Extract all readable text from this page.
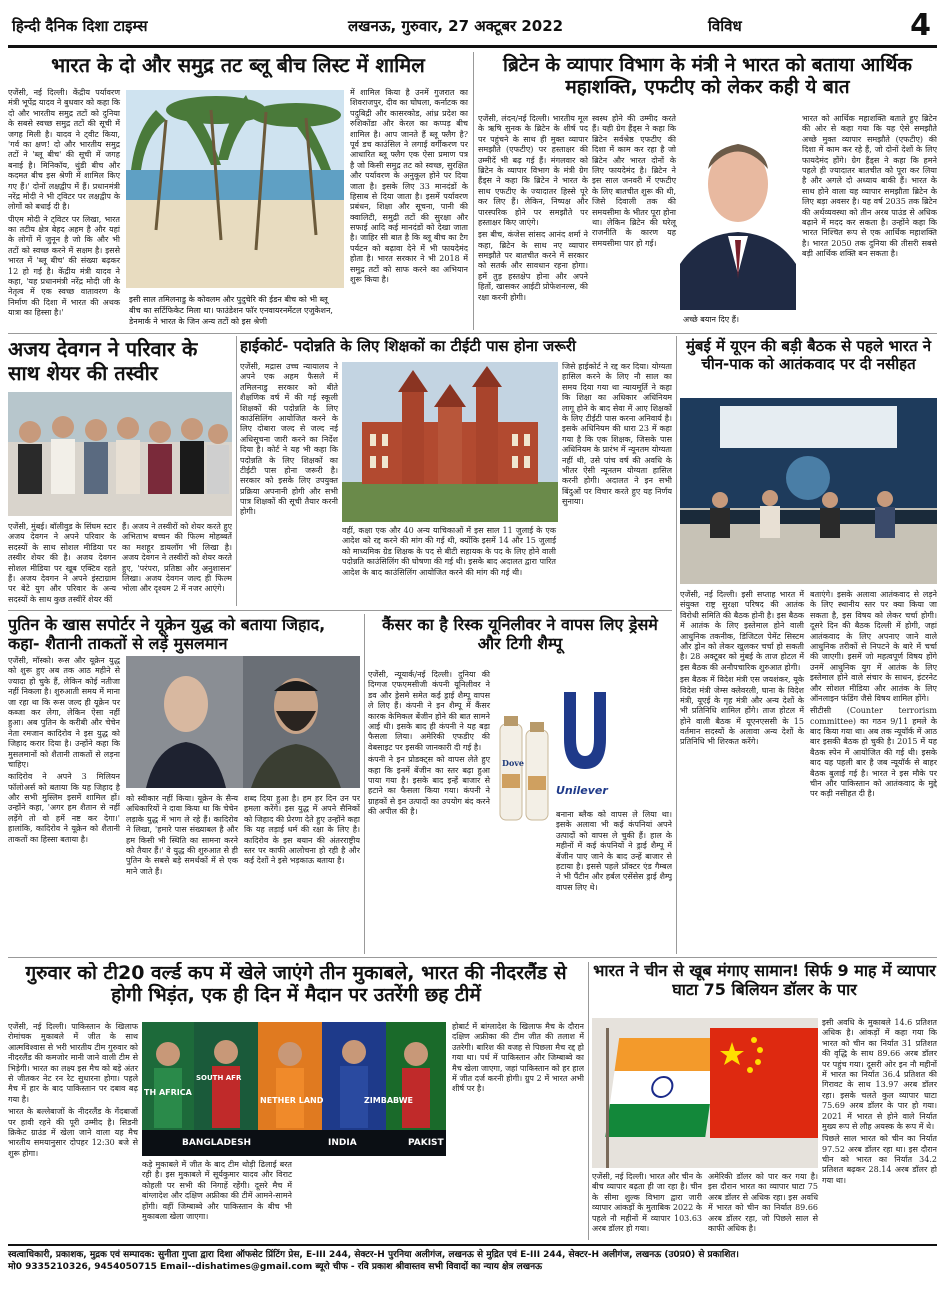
हिन्दी दैनिक दिशा टाइम्स	लखनऊ, गुरुवार, 27 अक्टूबर 2022	विविध	4
भारत के दो और समुद्र तट ब्लू बीच लिस्ट में शामिल

एजेंसी, नई दिल्ली। केंद्रीय पर्यावरण मंत्री भूपेंद्र यादव ने बुधवार को कहा कि दो और भारतीय समुद्र तटों को दुनिया के सबसे स्वच्छ समुद्र तटों की सूची में जगह मिली है। यादव ने ट्वीट किया, 'गर्व का क्षण! दो और भारतीय समुद्र तटों ने 'ब्लू बीच' की सूची में जगह बनाई है। मिनिकॉय, थुंडी बीच और कदमत बीच इस श्रेणी में शामिल किए गए हैं।' दोनों लक्षद्वीप में हैं। प्रधानमंत्री नरेंद्र मोदी ने भी ट्विटर पर लक्षद्वीप के लोगों को बधाई दी है।

पीएम मोदी ने ट्विटर पर लिखा, भारत का तटीय क्षेत्र बेहद अहम है और यहां के लोगों में जुनून है जो कि और भी तटों को स्वच्छ करने में सक्षम है। इससे भारत में 'ब्लू बीच' की संख्या बढ़कर 12 हो गई है। केंद्रीय मंत्री यादव ने कहा, 'यह प्रधानमंत्री नरेंद्र मोदी जी के नेतृत्व में एक स्वच्छ वातावरण के निर्माण की दिशा में भारत की अथक यात्रा का हिस्सा है।'

इसी साल तमिलनाडु के कोवलम और पुदुचेरि की ईडन बीच को भी ब्लू बीच का सर्टिफिकेट मिला था। फाउंडेशन फॉर एनवायरनमेंटल एजुकेशन, डेनमार्क ने भारत के जिन अन्य तटों को इस श्रेणी

में शामिल किया है उनमें गुजरात का शिवराजपुर, दीव का घोघला, कर्नाटक का पदुबिद्री और कासरकोड, आंध्र प्रदेश का रुशिकोंडा और केरल का कप्पड़ बीच शामिल है। आप जानते हैं ब्लू फ्लैग है? पूर्व डच काउंसिल ने लगाई वर्गीकरण पर आधारित ब्लू फ्लैग एक ऐसा प्रमाण पत्र है जो किसी समुद्र तट को स्वच्छ, सुरक्षित और पर्यावरण के अनुकूल होने पर दिया जाता है। इसके लिए 33 मानदंडों के हिसाब से दिया जाता है। इसमें पर्यावरण प्रबंधन, शिक्षा और सूचना, पानी की क्वालिटी, समुद्री तटों की सुरक्षा और सफाई आदि कई मानदंडों को देखा जाता है। जाहिर सी बात है कि ब्लू बीच का टैग पर्यटन को बढ़ावा देने में भी फायदेमंद होता है। भारत सरकार ने भी 2018 में समुद्र तटों को साफ करने का अभियान शुरू किया है।

ब्रिटेन के व्यापार विभाग के मंत्री ने भारत को बताया आर्थिक महाशक्ति, एफटीए को लेकर कही ये बात

एजेंसी, लंदन/नई दिल्ली। भारतीय मूल के ऋषि सुनक के ब्रिटेन के शीर्ष पद पर पहुंचने के साथ ही मुक्त व्यापार समझौते (एफटीए) पर हस्ताक्षर की उम्मीदें भी बढ़ गई हैं। मंगलवार को ब्रिटेन के व्यापार विभाग के मंत्री ग्रेग हैंड्स ने कहा कि ब्रिटेन ने भारत के साथ एफटीए के ज्यादातर हिस्से पूरे कर लिए हैं। लेकिन, निष्पक्ष और पारस्परिक होने पर समझौते पर हस्ताक्षर किए जाएंगे।

इस बीच, कंजेस सांसद आनंद शर्मा ने कहा, ब्रिटेन के साथ नए व्यापार समझौते पर बातचीत करने में सरकार को सतर्क और सावधान रहना होगा। हमें तुड़ हस्तक्षेप होना और अपने हितों, खासकर आईटी प्रोफेशनल्स, की रक्षा करनी होगी।

स्वस्थ होने की उम्मीद करते हैं। यही ग्रेग हैंड्स ने कहा कि ब्रिटेन सर्वश्रेष्ठ एफटीए की दिशा में काम कर रहा है जो ब्रिटेन और भारत दोनों के लिए फायदेमंद है। ब्रिटेन ने इस साल जनवरी में एफटीए के लिए बातचीत शुरू की थी, जिसे दिवाली तक की समयसीमा के भीतर पूरा होना था। लेकिन ब्रिटेन की घरेलू राजनीति के कारण यह समयसीमा पार हो गई।

अच्छे बयान दिए हैं।

भारत को आर्थिक महाशक्ति बताते हुए ब्रिटेन की ओर से कहा गया कि यह ऐसे समझौते अच्छे मुक्त व्यापार समझौते (एफटीए) की दिशा में काम कर रहे हैं, जो दोनों देशों के लिए फायदेमंद होंगे। ग्रेग हैंड्स ने कहा कि हमने पहले ही ज्यादातर बातचीत को पूरा कर लिया है और अगले दो अध्याय बाकी हैं। भारत के साथ होने वाला यह व्यापार समझौता ब्रिटेन के लिए बड़ा अवसर है। यह वर्ष 2035 तक ब्रिटेन की अर्थव्यवस्था को तीन अरब पाउंड से अधिक बढ़ाने में मदद कर सकता है। उन्होंने कहा कि भारत निश्चित रूप से एक आर्थिक महाशक्ति है। भारत 2050 तक दुनिया की तीसरी सबसे बड़ी आर्थिक शक्ति बन सकता है।

अजय देवगन ने परिवार के साथ शेयर की तस्वीर

एजेंसी, मुंबई। बॉलीवुड के सिंघम स्टार अजय देवगन ने अपने परिवार के सदस्यों के साथ सोशल मीडिया पर तस्वीर शेयर की है। अजय देवगन सोशल मीडिया पर खूब एक्टिव रहते हैं। अजय देवगन ने अपने इंस्टाग्राम पर बेटे युग और परिवार के अन्य सदस्यों के साथ कुछ तस्वीरें शेयर कीं

हैं। अजय ने तस्वीरों को शेयर करते हुए अभिताभ बच्चन की फिल्म मोहब्बतें का मशहूर डायलॉग भी लिखा है। अजय देवगन ने तस्वीरों को शेयर करते हुए, 'परंपरा, प्रतिष्ठा और अनुशासन' लिखा। अजय देवगन जल्द ही फिल्म भोला और दृश्यम 2 में नजर आएंगे।

हाईकोर्ट- पदोन्नति के लिए शिक्षकों का टीईटी पास होना जरूरी

एजेंसी, मद्रास उच्च न्यायालय ने अपने एक अहम फैसले में तमिलनाडु सरकार को बीते शैक्षणिक वर्ष में की गई स्कूली शिक्षकों की पदोन्नति के लिए काउंसिलिंग आयोजित करने के लिए दोबारा जल्द से जल्द नई अधिसूचना जारी करने का निर्देश दिया है। कोर्ट ने यह भी कहा कि पदोन्नति के लिए शिक्षकों का टीईटी पास होना जरूरी है। सरकार को इसके लिए उपयुक्त प्रक्रिया अपनानी होगी और सभी पात्र शिक्षकों की सूची तैयार करनी होगी।

वहीं, कक्षा एक और 40 अन्य याचिकाओं में इस साल 11 जुलाई के एक आदेश को रद्द करने की मांग की गई थी, क्योंकि इसमें 14 और 15 जुलाई को माध्यमिक ग्रेड शिक्षक के पद से बीटी सहायक के पद के लिए होने वाली पदोन्नति काउंसिलिंग की घोषणा की गई थी। इसके बाद अदालत द्वारा पारित आदेश के बाद काउंसिलिंग आयोजित करने की मांग की गई थी।

जिसे हाईकोर्ट ने रद्द कर दिया। योग्यता हासिल करने के लिए नौ साल का समय दिया गया था न्यायमूर्ति ने कहा कि शिक्षा का अधिकार अधिनियम लागू होने के बाद सेवा में आए शिक्षकों के लिए टीईटी पास करना अनिवार्य है। इसके अधिनियम की धारा 23 में कहा गया है कि एक शिक्षक, जिसके पास अधिनियम के प्रारंभ में न्यूनतम योग्यता नहीं थी, उसे पांच वर्ष की अवधि के भीतर ऐसी न्यूनतम योग्यता हासिल करनी होगी। अदालत ने इन सभी बिंदुओं पर विचार करते हुए यह निर्णय सुनाया।

मुंबई में यूएन की बड़ी बैठक से पहले भारत ने चीन-पाक को आतंकवाद पर दी नसीहत

एजेंसी, नई दिल्ली। इसी सप्ताह भारत में संयुक्त राष्ट्र सुरक्षा परिषद की आतंक विरोधी समिति की बैठक होनी है। इस बैठक में आतंक के लिए इस्तेमाल होने वाली आधुनिक तकनीक, डिजिटल पेमेंट सिस्टम और ड्रोन को लेकर खुलकर चर्चा हो सकती है। 28 अक्टूबर को मुंबई के ताज होटल में इस बैठक की अनौपचारिक शुरुआत होगी।

इस बैठक में विदेश मंत्री एस जयशंकर, यूके विदेश मंत्री जेम्स क्लेवरली, घाना के विदेश मंत्री, यूएई के गृह मंत्री और अन्य देशों के भी प्रतिनिधि शामिल होंगे। ताज होटल में होने वाली बैठक में यूएनएससी के 15 वर्तमान सदस्यों के अलावा अन्य देशों के प्रतिनिधि भी शिरकत करेंगे।

बताएंगे। इसके अलावा आतंकवाद से लड़ने के लिए स्थानीय स्तर पर क्या किया जा सकता है, इस विषय को लेकर चर्चा होगी। दूसरे दिन की बैठक दिल्ली में होगी, जहां आतंकवाद के लिए अपनाए जाने वाले आधुनिक तरीकों से निपटने के बारे में चर्चा की जाएगी। इसमें जो महत्वपूर्ण विषय होंगे उनमें आधुनिक युग में आतंक के लिए इस्तेमाल होने वाले संचार के साधन, इंटरनेट और सोशल मीडिया और आतंक के लिए ऑनलाइन फंडिंग जैसे विषय शामिल होंगे।

सीटीसी (Counter terrorism committee) का गठन 9/11 हमले के बाद किया गया था। अब तक न्यूयॉर्क में आठ बार इसकी बैठक हो चुकी है। 2015 में यह बैठक स्पेन में आयोजित की गई थी। इसके बाद यह पहली बार है जब न्यूयॉर्क से बाहर बैठक बुलाई गई है। भारत ने इस मौके पर चीन और पाकिस्तान को आतंकवाद के मुद्दे पर कड़ी नसीहत दी है।

पुतिन के खास सपोर्टर ने यूक्रेन युद्ध को बताया जिहाद, कहा- शैतानी ताकतों से लड़ें मुसलमान

एजेंसी, मॉस्को। रूस और यूक्रेन युद्ध को शुरू हुए अब तक आठ महीने से ज्यादा हो चुके हैं, लेकिन कोई नतीजा नहीं निकला है। शुरुआती समय में माना जा रहा था कि रूस जल्द ही यूक्रेन पर कब्जा कर लेगा, लेकिन ऐसा नहीं हुआ। अब पुतिन के करीबी और चेचेन नेता रमजान कादिरोव ने इस युद्ध को जिहाद करार दिया है। उन्होंने कहा कि मुसलमानों को शैतानी ताकतों से लड़ना चाहिए।

कादिरोव ने अपने 3 मिलियन फॉलोअर्स को बताया कि यह जिहाद है और सभी मुस्लिम इसमें शामिल हों। उन्होंने कहा, 'अगर हम शैतान से नहीं लड़ेंगे तो वो हमें नष्ट कर देगा।' हालांकि, कादिरोव ने यूक्रेन को शैतानी ताकतों का हिस्सा बताया है।

को स्वीकार नहीं किया। यूक्रेन के सैन्य अधिकारियों ने दावा किया था कि चेचेन लड़ाके युद्ध में भाग ले रहे हैं। कादिरोव ने लिखा, 'हमारे पास संख्याबल है और हम किसी भी स्थिति का सामना करने को तैयार हैं।' वे युद्ध की शुरुआत से ही पुतिन के सबसे बड़े समर्थकों में से एक माने जाते हैं।

शब्द दिया हुआ है। हम हर दिन उन पर हमला करेंगे। इस युद्ध में अपने सैनिकों को जिहाद की प्रेरणा देते हुए उन्होंने कहा कि यह लड़ाई धर्म की रक्षा के लिए है। कादिरोव के इस बयान की अंतरराष्ट्रीय स्तर पर काफी आलोचना हो रही है और कई देशों ने इसे भड़काऊ बताया है।

कैंसर का है रिस्क यूनिलीवर ने वापस लिए ड्रेसमे और टिगी शैम्पू

एजेंसी, न्यूयार्क/नई दिल्ली। दुनिया की दिग्गज एफएमसीजी कंपनी यूनिलीवर ने डव और ड्रेसमे समेत कई ड्राई शैम्पू वापस ले लिए हैं। कंपनी ने इन शैम्पू में कैंसर कारक केमिकल बेंजीन होने की बात सामने आई थी। इसके बाद ही कंपनी ने यह बड़ा फैसला लिया। अमेरिकी एफडीए की वेबसाइट पर इसकी जानकारी दी गई है।

कंपनी ने इन प्रोडक्ट्स को वापस लेते हुए कहा कि इनमें बेंजीन का स्तर बढ़ा हुआ पाया गया है। इसके बाद इन्हें बाजार से हटाने का फैसला किया गया। कंपनी ने ग्राहकों से इन उत्पादों का उपयोग बंद करने की अपील की है।

Dove
Unilever

बनाना ब्लैक को वापस ले लिया था। इसके अलावा भी कई कंपनियां अपने उत्पादों को वापस ले चुकी हैं। हाल के महीनों में कई कंपनियों ने ड्राई शैम्पू में बेंजीन पाए जाने के बाद उन्हें बाजार से हटाया है। इससे पहले प्रॉक्टर एंड गैम्बल ने भी पैंटीन और हर्बल एसेंसेस ड्राई शैम्पू वापस लिए थे।

गुरुवार को टी20 वर्ल्ड कप में खेले जाएंगे तीन मुकाबले, भारत की नीदरलैंड से होगी भिड़ंत, एक ही दिन में मैदान पर उतरेंगी छह टीमें

एजेंसी, नई दिल्ली। पाकिस्तान के खिलाफ रोमांचक मुकाबले में जीत के साथ आत्मविश्वास से भरी भारतीय टीम गुरुवार को नीदरलैंड की कमजोर मानी जाने वाली टीम से भिड़ेगी। भारत का लक्ष्य इस मैच को बड़े अंतर से जीतकर नेट रन रेट सुधारना होगा। पहले मैच में हार के बाद पाकिस्तान पर दबाव बढ़ गया है।

भारत के बल्लेबाजों के नीदरलैंड के गेंदबाजों पर हावी रहने की पूरी उम्मीद है। सिडनी क्रिकेट ग्राउंड में खेला जाने वाला यह मैच भारतीय समयानुसार दोपहर 12:30 बजे से शुरू होगा।

TH AFRICA
SOUTH AFR
BANGLADESH
NETHER LAND
INDIA
ZIMBABWE
PAKIST

कड़े मुकाबले में जीत के बाद टीम थोड़ी ढिलाई बरत रही है। इस मुकाबले में सूर्यकुमार यादव और विराट कोहली पर सभी की निगाहें रहेंगी। दूसरे मैच में बांग्लादेश और दक्षिण अफ्रीका की टीमें आमने-सामने होंगी। वहीं जिम्बाब्वे और पाकिस्तान के बीच भी मुकाबला खेला जाएगा।

होबार्ट में बांग्लादेश के खिलाफ मैच के दौरान दक्षिण अफ्रीका की टीम जीत की तलाश में उतरेगी। बारिश की वजह से पिछला मैच रद्द हो गया था। पर्थ में पाकिस्तान और जिम्बाब्वे का मैच खेला जाएगा, जहां पाकिस्तान को हर हाल में जीत दर्ज करनी होगी। ग्रुप 2 में भारत अभी शीर्ष पर है।

भारत ने चीन से खूब मंगाए सामान! सिर्फ 9 माह में व्यापार घाटा 75 बिलियन डॉलर के पार

इसी अवधि के मुकाबले 14.6 प्रतिशत अधिक है। आंकड़ों में कहा गया कि भारत को चीन का निर्यात 31 प्रतिशत की वृद्धि के साथ 89.66 अरब डॉलर पर पहुंच गया। दूसरी ओर इन नौ महीनों में भारत का निर्यात 36.4 प्रतिशत की गिरावट के साथ 13.97 अरब डॉलर रहा। इसके चलते कुल व्यापार घाटा 75.69 अरब डॉलर के पार हो गया। 2021 में भारत से होने वाले निर्यात मुख्य रूप से लौह अयस्क के रूप में थे।

पिछले साल भारत को चीन का निर्यात 97.52 अरब डॉलर रहा था। इस दौरान चीन को भारत का निर्यात 34.2 प्रतिशत बढ़कर 28.14 अरब डॉलर हो गया था।

एजेंसी, नई दिल्ली। भारत और चीन के बीच व्यापार बढ़ता ही जा रहा है। चीन के सीमा शुल्क विभाग द्वारा जारी व्यापार आंकड़ों के मुताबिक 2022 के पहले नौ महीनों में व्यापार 103.63 अरब डॉलर हो गया।

अमेरिकी डॉलर को पार कर गया है। इस दौरान भारत का व्यापार घाटा 75 अरब डॉलर से अधिक रहा। इस अवधि में भारत को चीन का निर्यात 89.66 अरब डॉलर रहा, जो पिछले साल से काफी अधिक है।

स्वत्वाधिकारी, प्रकाशक, मुद्रक एवं सम्पादक: सुनीता गुप्ता द्वारा दिशा ऑफसेट प्रिंटिंग प्रेस, E-III 244, सेक्टर-H पुरनिया अलीगंज, लखनऊ से मुद्रित एवं E-III 244, सेक्टर-H अलीगंज, लखनऊ (उ0प्र0) से प्रकाशित।
मो0 9335210326, 9454050715 Email--dishatimes@gmail.com ब्यूरो चीफ - रवि प्रकाश श्रीवास्तव सभी विवादों का न्याय क्षेत्र लखनऊ
